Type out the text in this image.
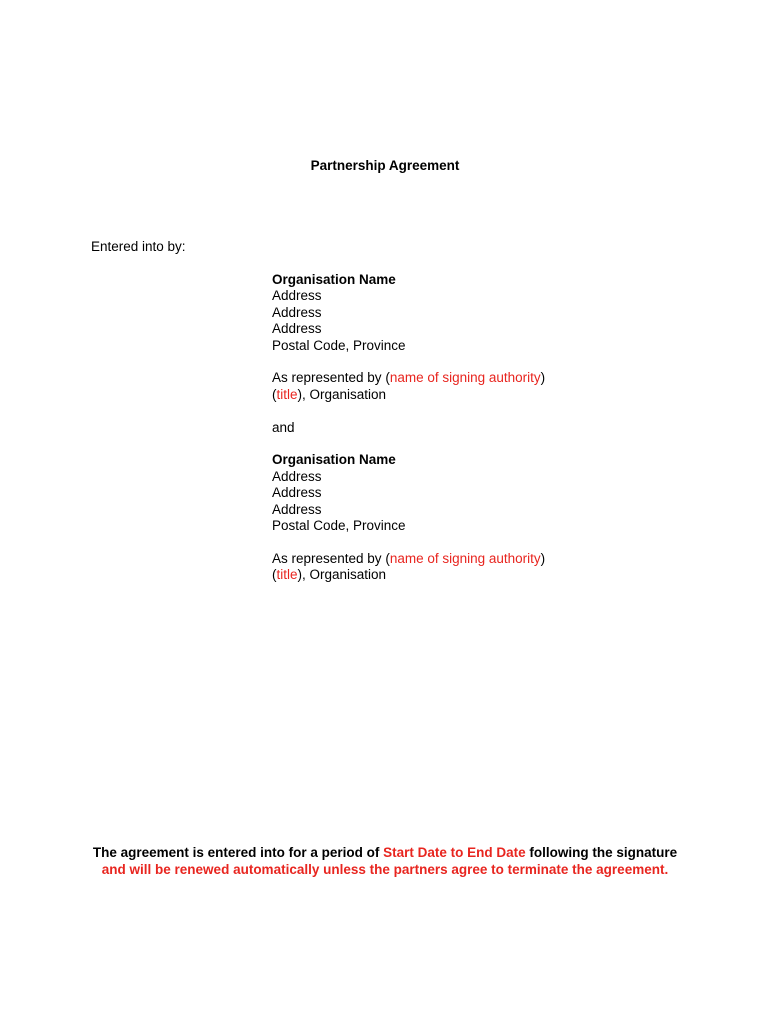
Partnership Agreement
Entered into by:
Organisation Name
Address
Address
Address
Postal Code, Province
As represented by (name of signing authority)
(title), Organisation
and
Organisation Name
Address
Address
Address
Postal Code, Province
As represented by (name of signing authority)
(title), Organisation
The agreement is entered into for a period of Start Date to End Date following the signature and will be renewed automatically unless the partners agree to terminate the agreement.
